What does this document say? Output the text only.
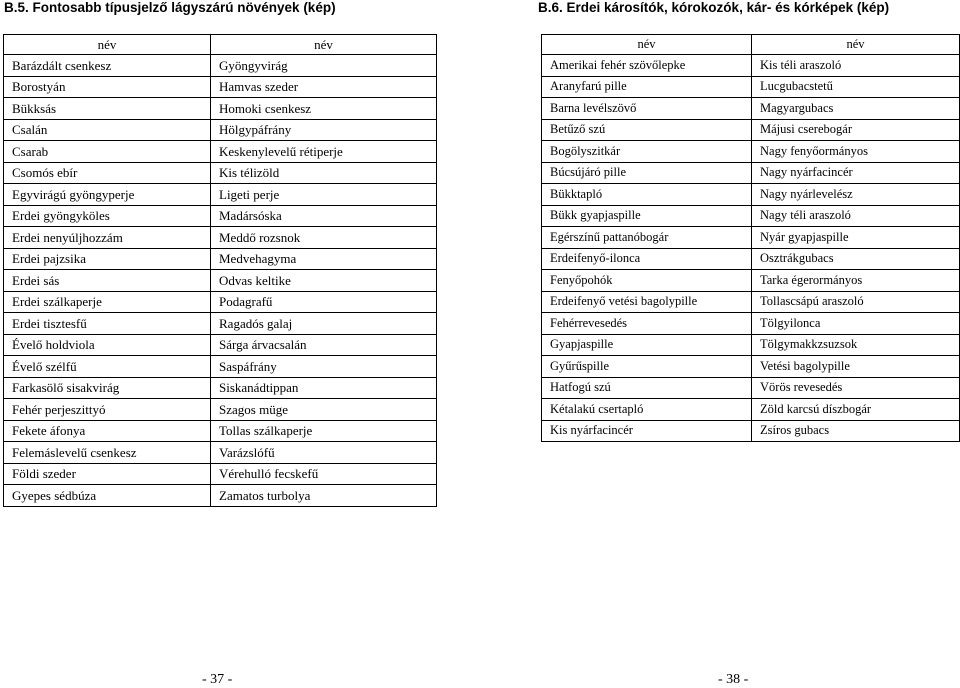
B.5. Fontosabb típusjelző lágyszárú növények (kép)
név	név
Barázdált csenkesz	Gyöngyvirág
Borostyán	Hamvas szeder
Bükksás	Homoki csenkesz
Csalán	Hölgypáfrány
Csarab	Keskenylevelű rétiperje
Csomós ebír	Kis télizöld
Egyvirágú gyöngyperje	Ligeti perje
Erdei gyöngyköles	Madársóska
Erdei nenyúljhozzám	Meddő rozsnok
Erdei pajzsika	Medvehagyma
Erdei sás	Odvas keltike
Erdei szálkaperje	Podagrafű
Erdei tisztesfű	Ragadós galaj
Évelő holdviola	Sárga árvacsalán
Évelő szélfű	Saspáfrány
Farkasölő sisakvirág	Siskanádtippan
Fehér perjeszittyó	Szagos müge
Fekete áfonya	Tollas szálkaperje
Felemáslevelű csenkesz	Varázslófű
Földi szeder	Vérehulló fecskefű
Gyepes sédbúza	Zamatos turbolya
B.6. Erdei károsítók, kórokozók, kár- és kórképek (kép)
név	név
Amerikai fehér szövőlepke	Kis téli araszoló
Aranyfarú pille	Lucgubacstetű
Barna levélszövő	Magyargubacs
Betűző szú	Májusi cserebogár
Bogölyszitkár	Nagy fenyőormányos
Búcsújáró pille	Nagy nyárfacincér
Bükktapló	Nagy nyárlevelész
Bükk gyapjaspille	Nagy téli araszoló
Egérszínű pattanóbogár	Nyár gyapjaspille
Erdeifenyő-ilonca	Osztrákgubacs
Fenyőpohók	Tarka égerormányos
Erdeifenyő vetési bagolypille	Tollascsápú araszoló
Fehérrevesedés	Tölgyilonca
Gyapjaspille	Tölgymakkzsuzsok
Gyűrűspille	Vetési bagolypille
Hatfogú szú	Vörös revesedés
Kétalakú csertapló	Zöld karcsú díszbogár
Kis nyárfacincér	Zsíros gubacs
- 37 -	- 38 -
